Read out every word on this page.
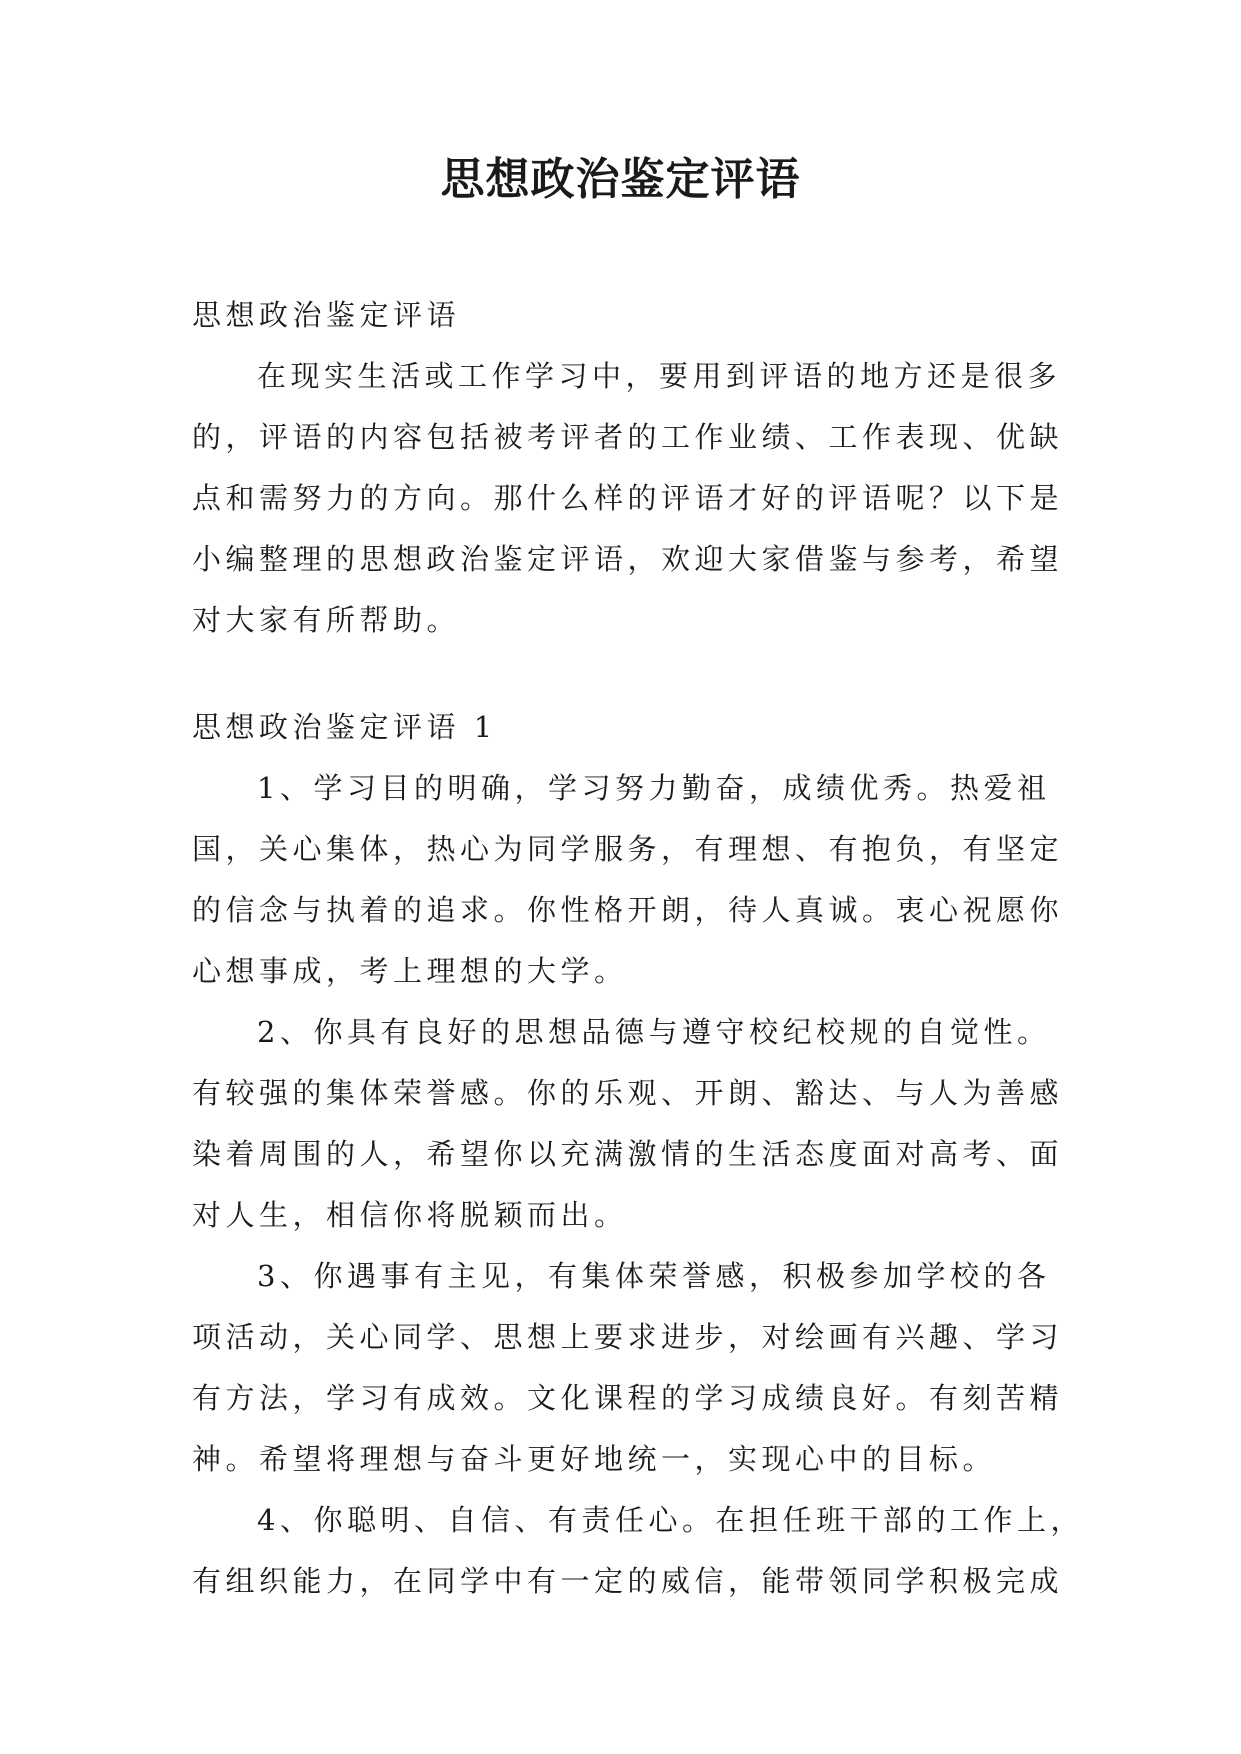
思想政治鉴定评语

思想政治鉴定评语

在现实生活或工作学习中，要用到评语的地方还是很多

的，评语的内容包括被考评者的工作业绩、工作表现、优缺

点和需努力的方向。那什么样的评语才好的评语呢？以下是

小编整理的思想政治鉴定评语，欢迎大家借鉴与参考，希望

对大家有所帮助。

思想政治鉴定评语 1

1、学习目的明确，学习努力勤奋，成绩优秀。热爱祖

国，关心集体，热心为同学服务，有理想、有抱负，有坚定

的信念与执着的追求。你性格开朗，待人真诚。衷心祝愿你

心想事成，考上理想的大学。

2、你具有良好的思想品德与遵守校纪校规的自觉性。

有较强的集体荣誉感。你的乐观、开朗、豁达、与人为善感

染着周围的人，希望你以充满激情的生活态度面对高考、面

对人生，相信你将脱颖而出。

3、你遇事有主见，有集体荣誉感，积极参加学校的各

项活动，关心同学、思想上要求进步，对绘画有兴趣、学习

有方法，学习有成效。文化课程的学习成绩良好。有刻苦精

神。希望将理想与奋斗更好地统一，实现心中的目标。

4、你聪明、自信、有责任心。在担任班干部的工作上，

有组织能力，在同学中有一定的威信，能带领同学积极完成
